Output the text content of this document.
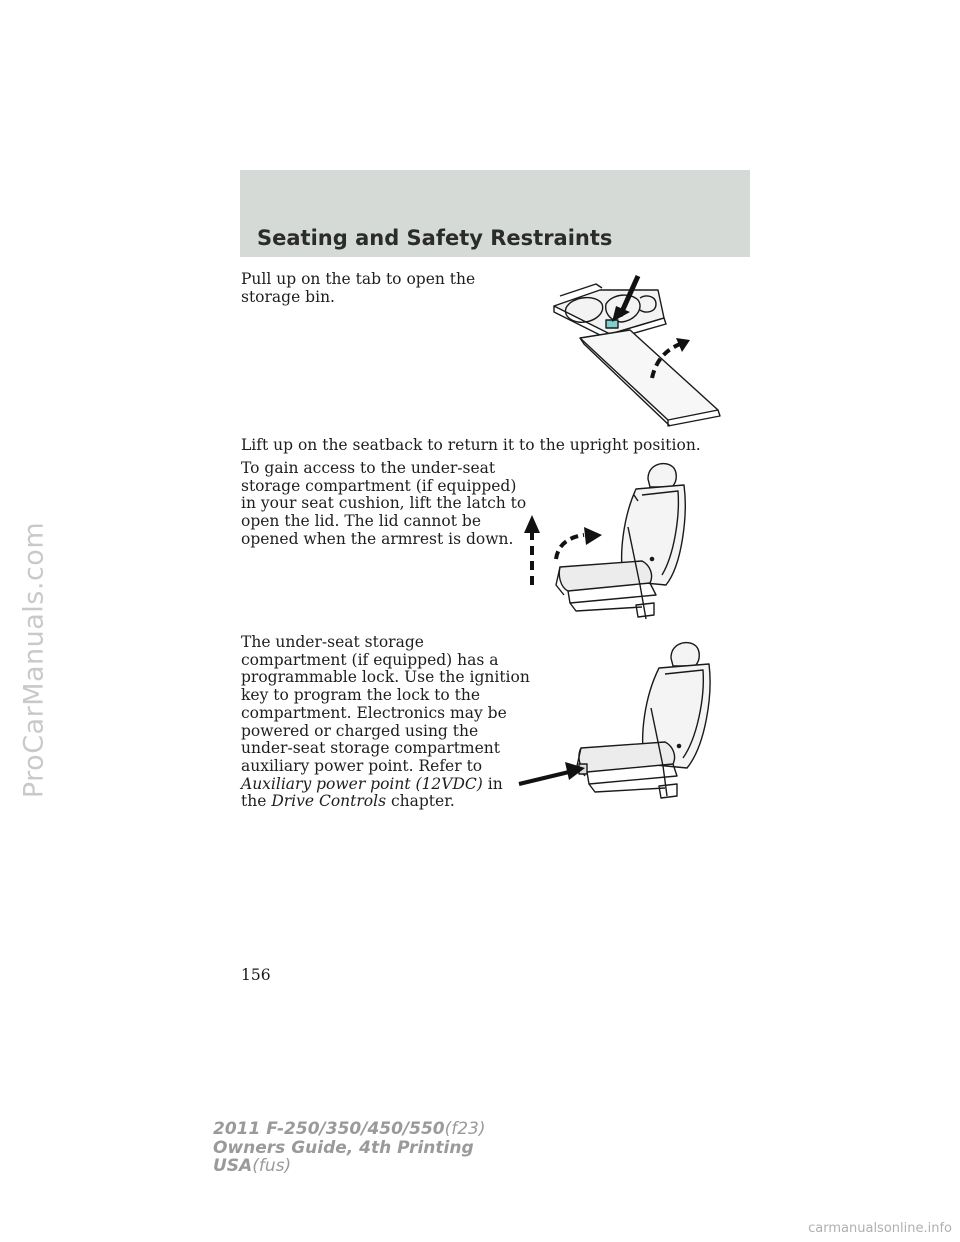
ProCarManuals.com
Seating and Safety Restraints

Pull up on the tab to open the
storage bin.

Lift up on the seatback to return it to the upright position.

To gain access to the under-seat
storage compartment (if equipped)
in your seat cushion, lift the latch to
open the lid. The lid cannot be
opened when the armrest is down.

The under-seat storage
compartment (if equipped) has a
programmable lock. Use the ignition
key to program the lock to the
compartment. Electronics may be
powered or charged using the
under-seat storage compartment
auxiliary power point. Refer to
Auxiliary power point (12VDC) in
the Drive Controls chapter.

156

2011 F-250/350/450/550(f23)
Owners Guide, 4th Printing
USA(fus)
carmanualsonline.info
